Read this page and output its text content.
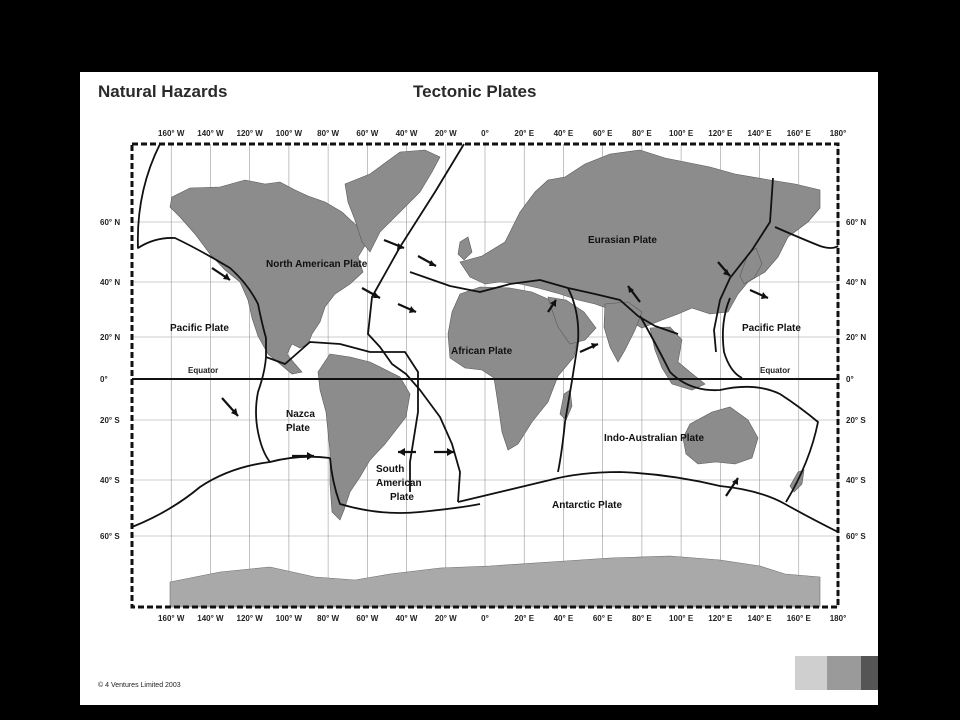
Natural Hazards	Tectonic Plates
160° W
160° W
140° W
140° W
120° W
120° W
100° W
100° W
80° W
80° W
60° W
60° W
40° W
40° W
20° W
20° W
0°
0°
20° E
20° E
40° E
40° E
60° E
60° E
80° E
80° E
100° E
100° E
120° E
120° E
140° E
140° E
160° E
160° E
180°
180°
60° N	60° N
40° N	40° N
20° N	20° N
0°	0°
20° S	20° S
40° S	40° S
60° S	60° S
Equator	Equator
North American Plate
Eurasian Plate
Pacific Plate	Pacific Plate
African Plate
Nazca
Plate
South
American
Plate
Indo-Australian Plate
Antarctic Plate
© 4 Ventures Limited 2003
